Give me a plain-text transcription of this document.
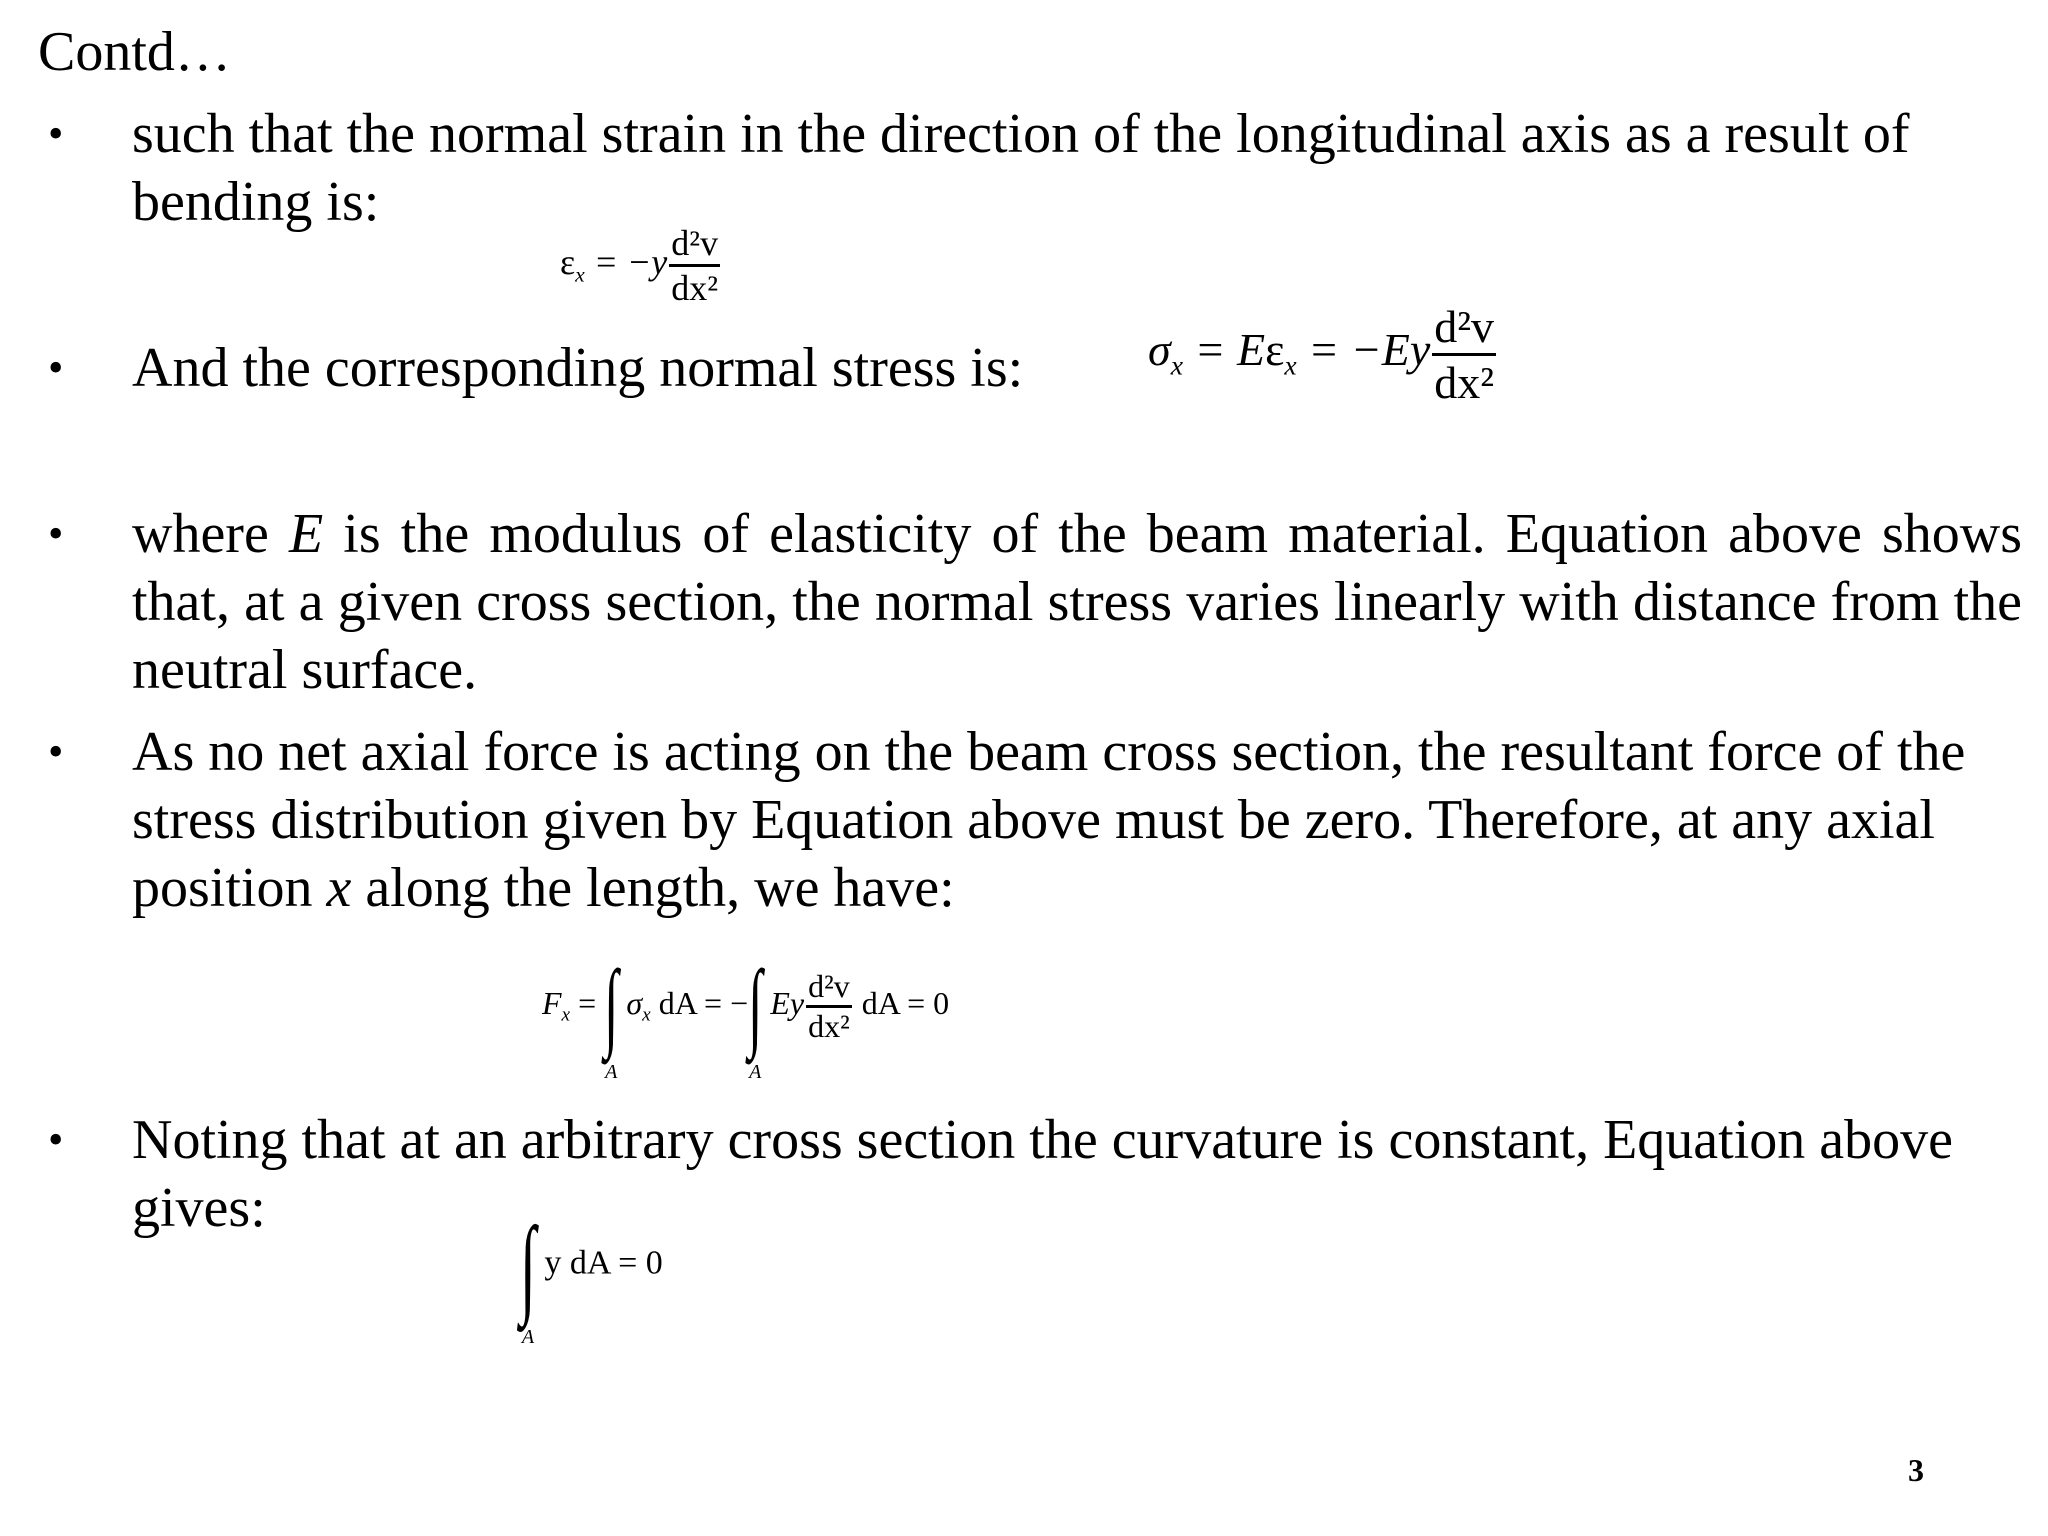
Contd…
• such that the normal strain in the direction of the longitudinal axis as a result of bending is:
$\varepsilon_x = -y \frac{\text{d²v}}{\text{dx²}}$
• And the corresponding normal stress is:	$\sigma_x = E\varepsilon_x = -Ey \frac{\text{d²v}}{\text{dx²}}$
• where E is the modulus of elasticity of the beam material. Equation above shows that, at a given cross section, the normal stress varies linearly with distance from the neutral surface.
• As no net axial force is acting on the beam cross section, the resultant force of the stress distribution given by Equation above must be zero. Therefore, at any axial position x along the length, we have:
$F_x$ = ∫
A
$\sigma_x$ dA = −∫
A
Ey $\frac{\text{d²v}}{\text{dx²}}$ dA = 0
• Noting that at an arbitrary cross section the curvature is constant, Equation above gives:	∫
A
y dA = 0
3
